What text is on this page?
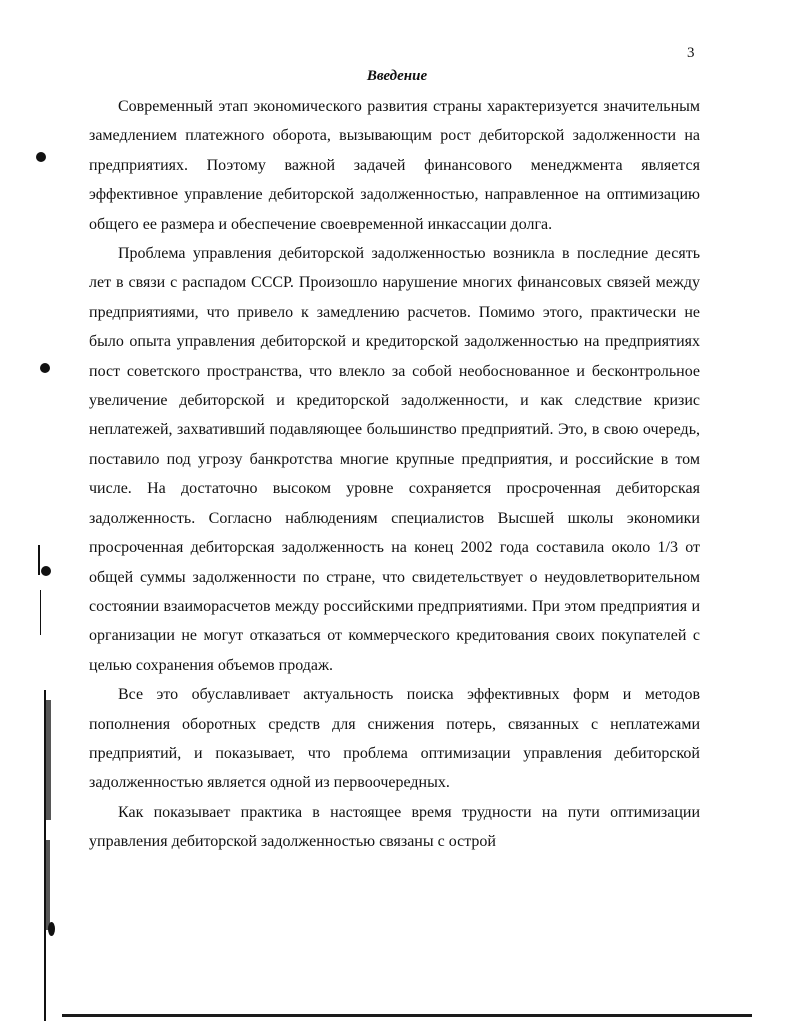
3
Введение

Современный этап экономического развития страны характеризуется значительным замедлением платежного оборота, вызывающим рост дебиторской задолженности на предприятиях. Поэтому важной задачей финансового менеджмента является эффективное управление дебиторской задолженностью, направленное на оптимизацию общего ее размера и обеспечение своевременной инкассации долга.

Проблема управления дебиторской задолженностью возникла в последние десять лет в связи с распадом СССР. Произошло нарушение многих финансовых связей между предприятиями, что привело к замедлению расчетов. Помимо этого, практически не было опыта управления дебиторской и кредиторской задолженностью на предприятиях пост советского пространства, что влекло за собой необоснованное и бесконтрольное увеличение дебиторской и кредиторской задолженности, и как следствие кризис неплатежей, захвативший подавляющее большинство предприятий. Это, в свою очередь, поставило под угрозу банкротства многие крупные предприятия, и российские в том числе. На достаточно высоком уровне сохраняется просроченная дебиторская задолженность. Согласно наблюдениям специалистов Высшей школы экономики просроченная дебиторская задолженность на конец 2002 года составила около 1/3 от общей суммы задолженности по стране, что свидетельствует о неудовлетворительном состоянии взаиморасчетов между российскими предприятиями. При этом предприятия и организации не могут отказаться от коммерческого кредитования своих покупателей с целью сохранения объемов продаж.

Все это обуславливает актуальность поиска эффективных форм и методов пополнения оборотных средств для снижения потерь, связанных с неплатежами предприятий, и показывает, что проблема оптимизации управления дебиторской задолженностью является одной из первоочередных.

Как показывает практика в настоящее время трудности на пути оптимизации управления дебиторской задолженностью связаны с острой
